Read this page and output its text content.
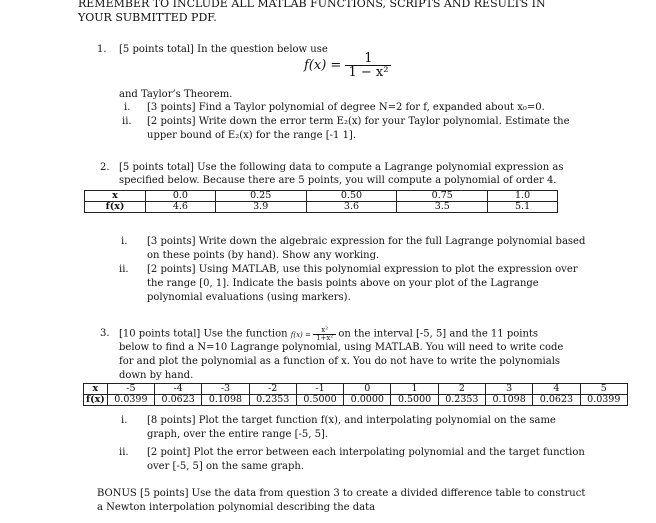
REMEMBER TO INCLUDE ALL MATLAB FUNCTIONS, SCRIPTS AND RESULTS IN
YOUR SUBMITTED PDF.
1.	[5 points total] In the question below use
$f(x) = \frac{1}{\text{1 − x²}}$
and Taylor’s Theorem.
i.	[3 points] Find a Taylor polynomial of degree N=2 for f, expanded about x₀=0.
ii.	[2 points] Write down the error term E₂(x) for your Taylor polynomial. Estimate the
upper bound of E₂(x) for the range [-1 1].
2. [5 points total] Use the following data to compute a Lagrange polynomial expression as
specified below. Because there are 5 points, you will compute a polynomial of order 4.
x	0.0	0.25	0.50	0.75	1.0
f(x)	4.6	3.9	3.6	3.5	5.1
i.	[3 points] Write down the algebraic expression for the full Lagrange polynomial based
on these points (by hand). Show any working.
ii.	[2 points] Using MATLAB, use this polynomial expression to plot the expression over
the range [0, 1]. Indicate the basis points above on your plot of the Lagrange
polynomial evaluations (using markers).
3. [10 points total] Use the function $f(x) = \frac{\text{x²}}{\text{1+x²}}$ on the interval [-5, 5] and the 11 points
below to find a N=10 Lagrange polynomial, using MATLAB. You will need to write code
for and plot the polynomial as a function of x. You do not have to write the polynomials
down by hand.
x	-5	-4	-3	-2	-1	0	1	2	3	4	5
f(x)	0.0399	0.0623	0.1098	0.2353	0.5000	0.0000	0.5000	0.2353	0.1098	0.0623	0.0399
i.	[8 points] Plot the target function f(x), and interpolating polynomial on the same
graph, over the entire range [-5, 5].
ii.	[2 point] Plot the error between each interpolating polynomial and the target function
over [-5, 5] on the same graph.
BONUS [5 points] Use the data from question 3 to create a divided difference table to construct
a Newton interpolation polynomial describing the data
